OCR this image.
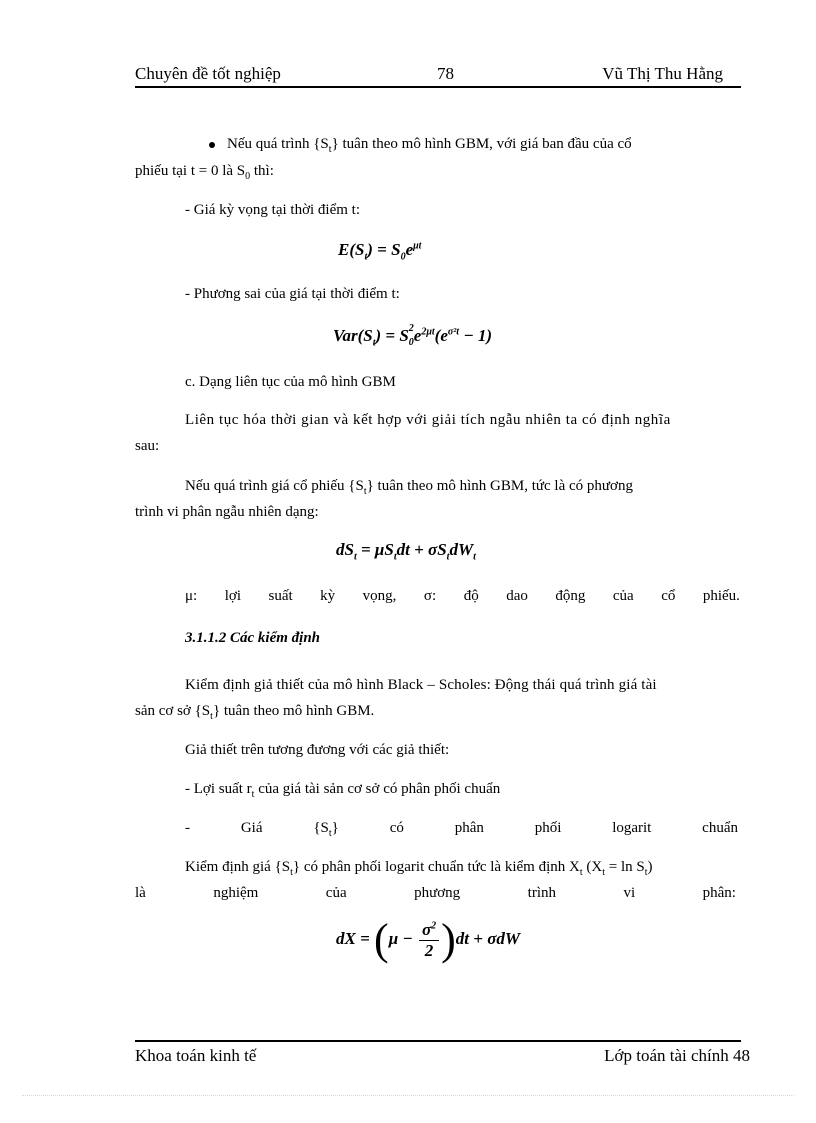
Chuyên đề tốt nghiệp	78	Vũ Thị Thu Hằng
Nếu quá trình $\{S_t\}$ tuân theo mô hình GBM, với giá ban đầu của cổ
phiếu tại t = 0 là $S_0$ thì:
- Giá kỳ vọng tại thời điểm t:
$E(S_t) = S_0e^{\mu t}$
- Phương sai của giá tại thời điểm t:
$Var(S_t) = S$ $_{2 0}e^{2\mu t}(e^{\sigma^2t} - 1)$
c. Dạng liên tục của mô hình GBM
Liên tục hóa thời gian và kết hợp với giải tích ngẫu nhiên ta có định nghĩa
sau:
Nếu quá trình giá cổ phiếu $\{S_t\}$ tuân theo mô hình GBM, tức là có phương
trình vi phân ngẫu nhiên dạng:
$dS_t = \mu S_tdt + \sigma S_tdW_t$
μ: lợi suất kỳ vọng, σ: độ dao động của cổ phiếu.
3.1.1.2 Các kiểm định
Kiểm định giả thiết của mô hình Black – Scholes: Động thái quá trình giá tài
sản cơ sở $\{S_t\}$ tuân theo mô hình GBM.
Giả thiết trên tương đương với các giả thiết:
- Lợi suất $r_t$ của giá tài sản cơ sở có phân phối chuẩn
-	Giá	$\{S_t\}$	có	phân	phối	logarit	chuẩn
Kiểm định giá $\{S_t\}$ có phân phối logarit chuẩn tức là kiểm định $X_t$ $(X_t = \ln S_t)$
là	nghiệm	của	phương	trình	vi	phân:
dX = $(\mu - \frac{\sigma^2}{2} )dt + \sigma dW$
Khoa toán kinh tế	Lớp toán tài chính 48
